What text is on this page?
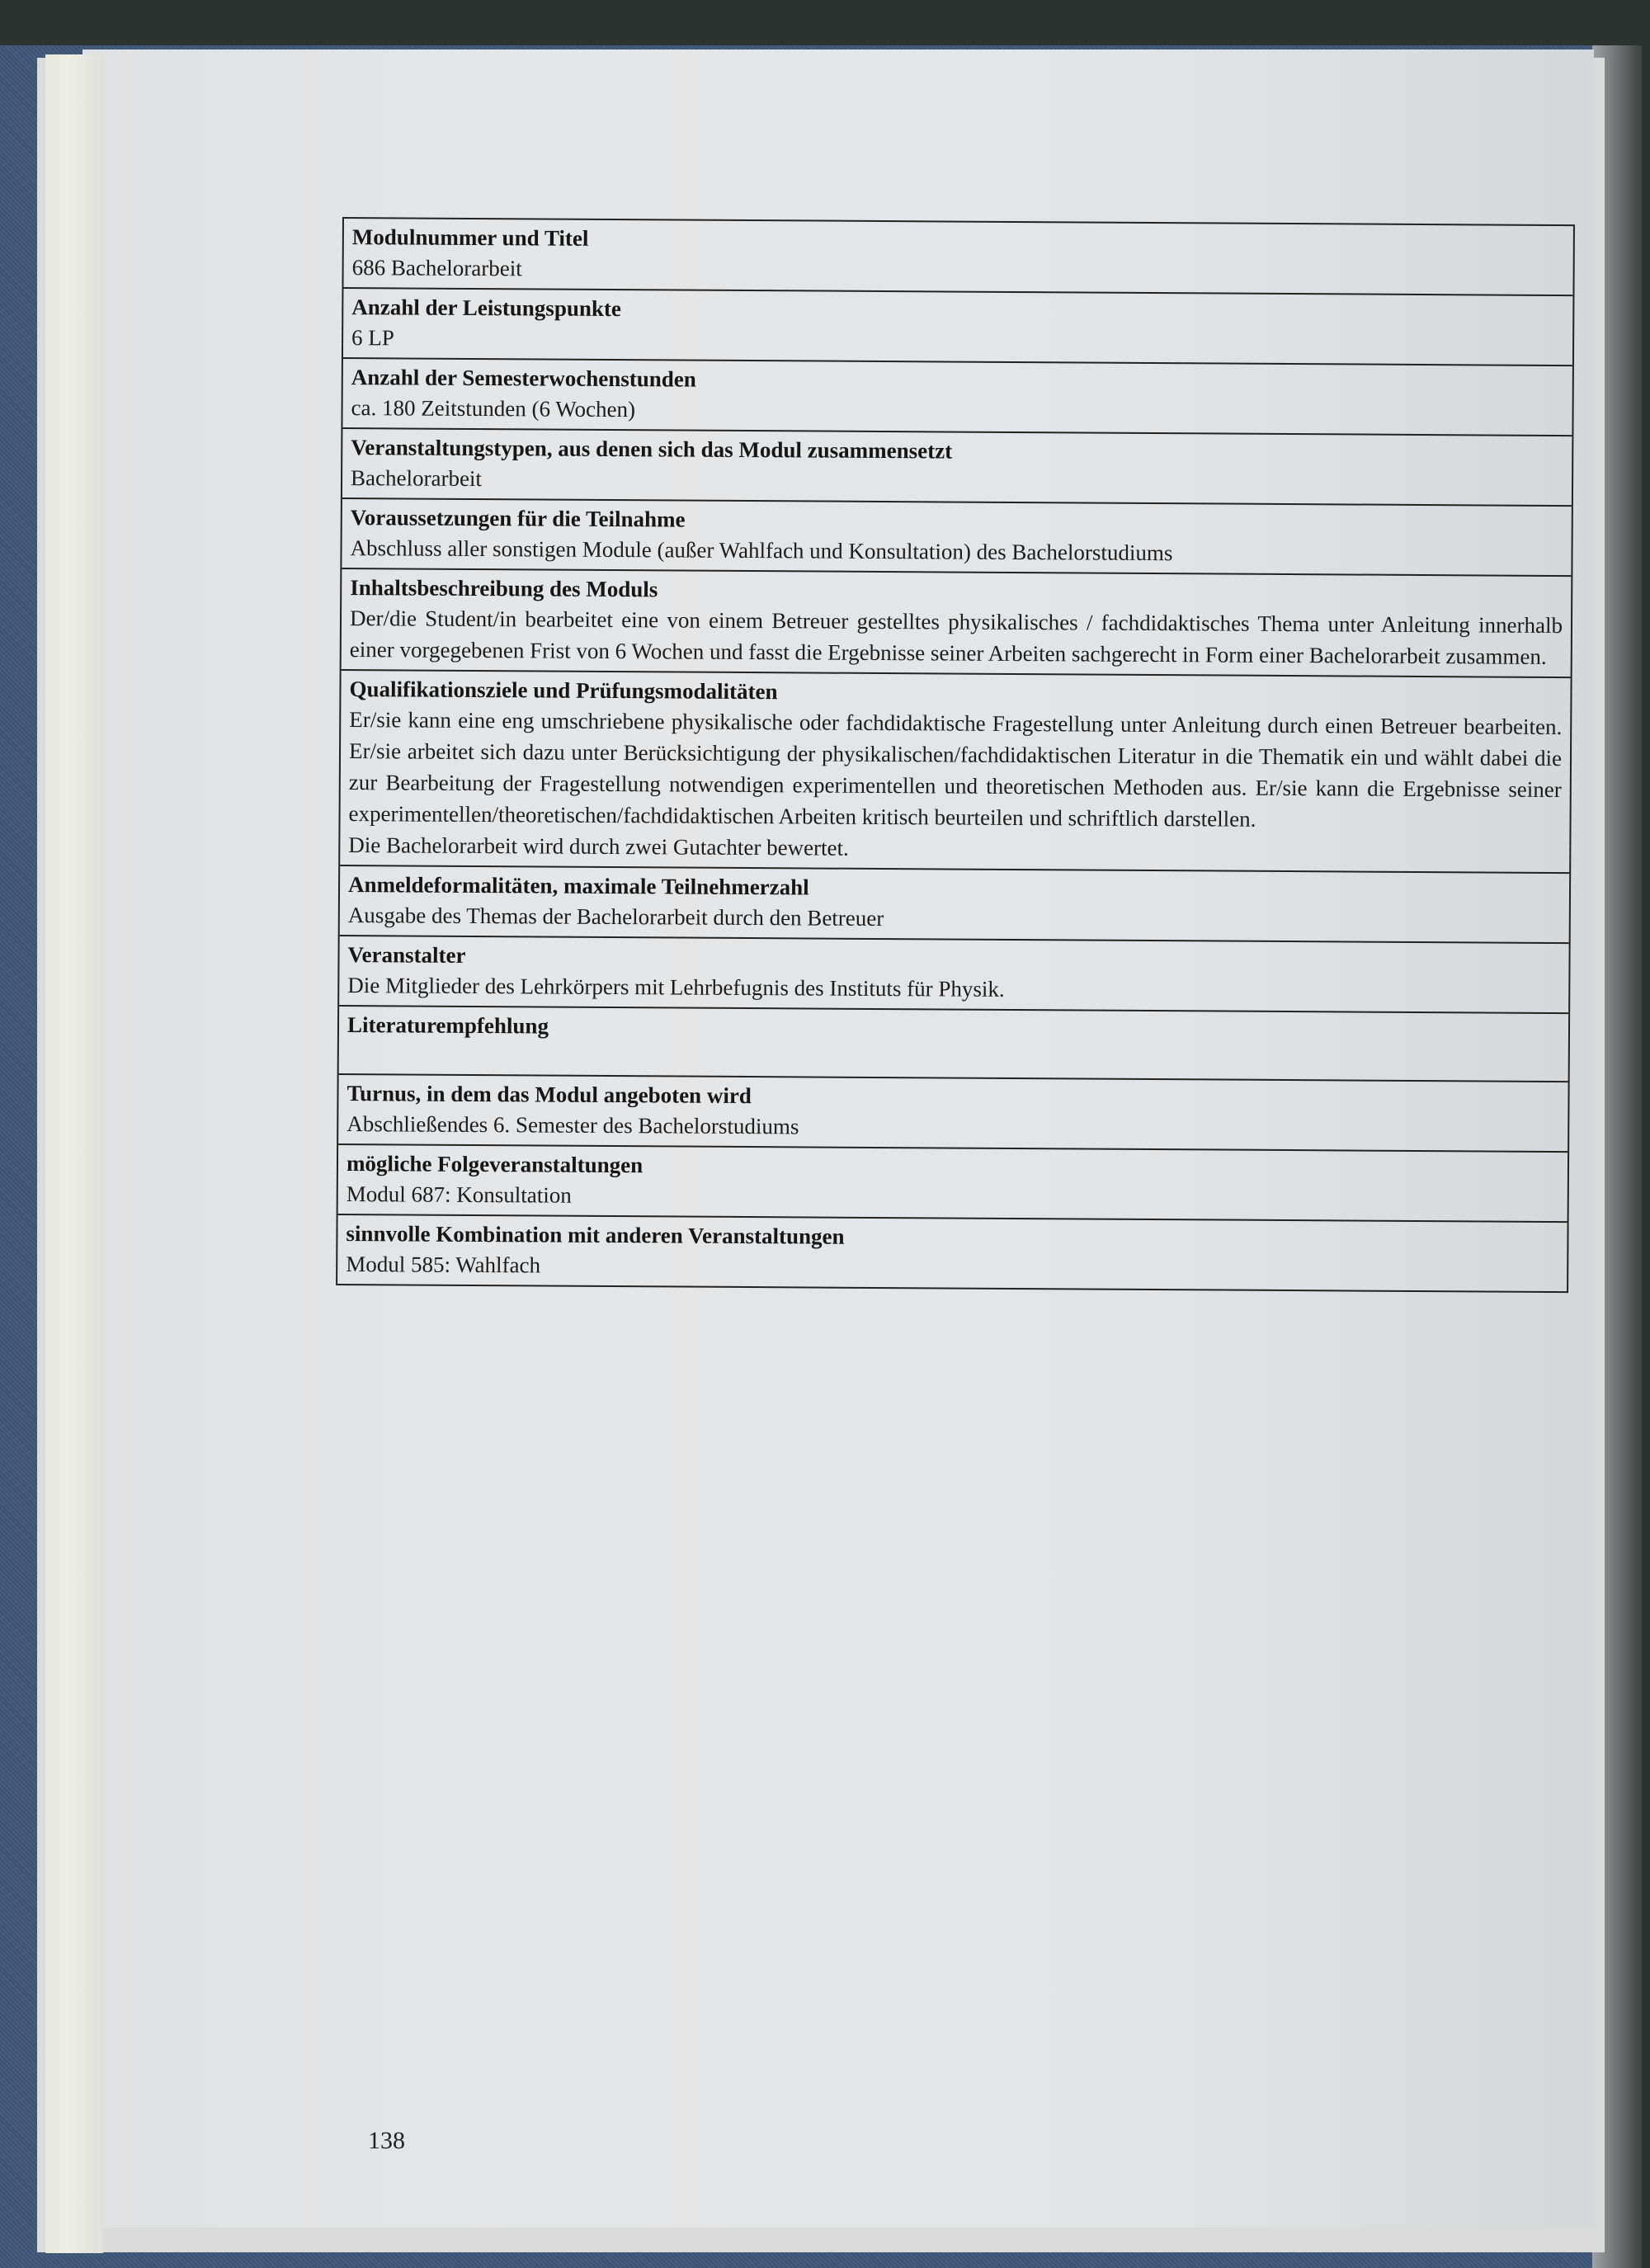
Modulnummer und Titel
686 Bachelorarbeit
Anzahl der Leistungspunkte
6 LP
Anzahl der Semesterwochenstunden
ca. 180 Zeitstunden (6 Wochen)
Veranstaltungstypen, aus denen sich das Modul zusammensetzt
Bachelorarbeit
Voraussetzungen für die Teilnahme
Abschluss aller sonstigen Module (außer Wahlfach und Konsultation) des Bachelorstudiums
Inhaltsbeschreibung des Moduls
Der/die Student/in bearbeitet eine von einem Betreuer gestelltes physikalisches / fachdidaktisches Thema unter Anleitung innerhalb einer vorgegebenen Frist von 6 Wochen und fasst die Ergebnisse seiner Arbeiten sachgerecht in Form einer Bachelorarbeit zusammen.
Qualifikationsziele und Prüfungsmodalitäten

Er/sie kann eine eng umschriebene physikalische oder fachdidaktische Fragestellung unter Anleitung durch einen Betreuer bearbeiten. Er/sie arbeitet sich dazu unter Berücksichtigung der physikalischen/fachdidaktischen Literatur in die Thematik ein und wählt dabei die zur Bearbeitung der Fragestellung notwendigen experimentellen und theoretischen Methoden aus. Er/sie kann die Ergebnisse seiner experimentellen/theoretischen/fachdidaktischen Arbeiten kritisch beurteilen und schriftlich darstellen.

Die Bachelorarbeit wird durch zwei Gutachter bewertet.

Anmeldeformalitäten, maximale Teilnehmerzahl
Ausgabe des Themas der Bachelorarbeit durch den Betreuer
Veranstalter
Die Mitglieder des Lehrkörpers mit Lehrbefugnis des Instituts für Physik.
Literaturempfehlung
Turnus, in dem das Modul angeboten wird
Abschließendes 6. Semester des Bachelorstudiums
mögliche Folgeveranstaltungen
Modul 687: Konsultation
sinnvolle Kombination mit anderen Veranstaltungen
Modul 585: Wahlfach
138
